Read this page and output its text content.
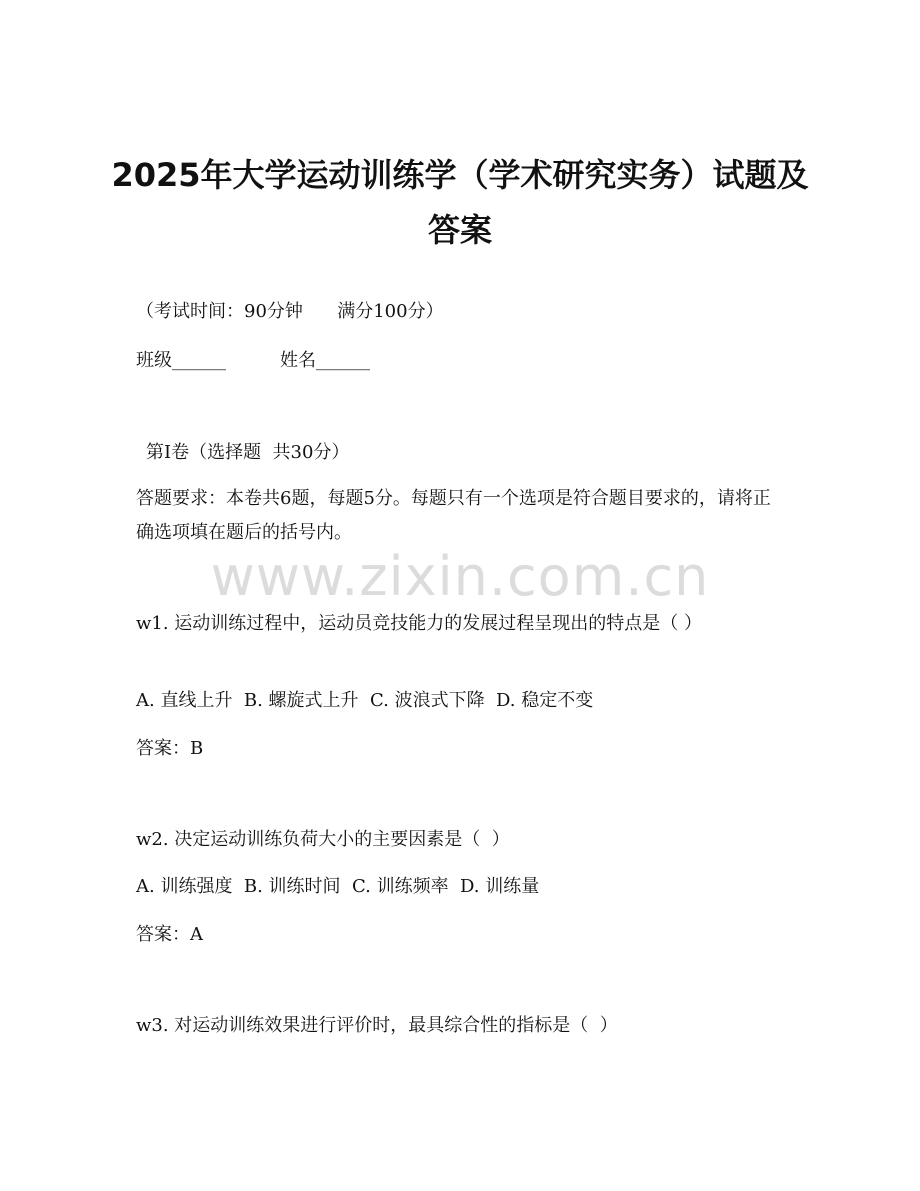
www.zixin.com.cn
2025年大学运动训练学（学术研究实务）试题及答案
（考试时间：90分钟      满分100分）
班级______	姓名______
第I卷（选择题  共30分）
答题要求：本卷共6题，每题5分。每题只有一个选项是符合题目要求的，请将正确选项填在题后的括号内。
w1. 运动训练过程中，运动员竞技能力的发展过程呈现出的特点是（ ）
A. 直线上升  B. 螺旋式上升  C. 波浪式下降  D. 稳定不变
答案：B
w2. 决定运动训练负荷大小的主要因素是（  ）
A. 训练强度  B. 训练时间  C. 训练频率  D. 训练量
答案：A
w3. 对运动训练效果进行评价时，最具综合性的指标是（  ）
